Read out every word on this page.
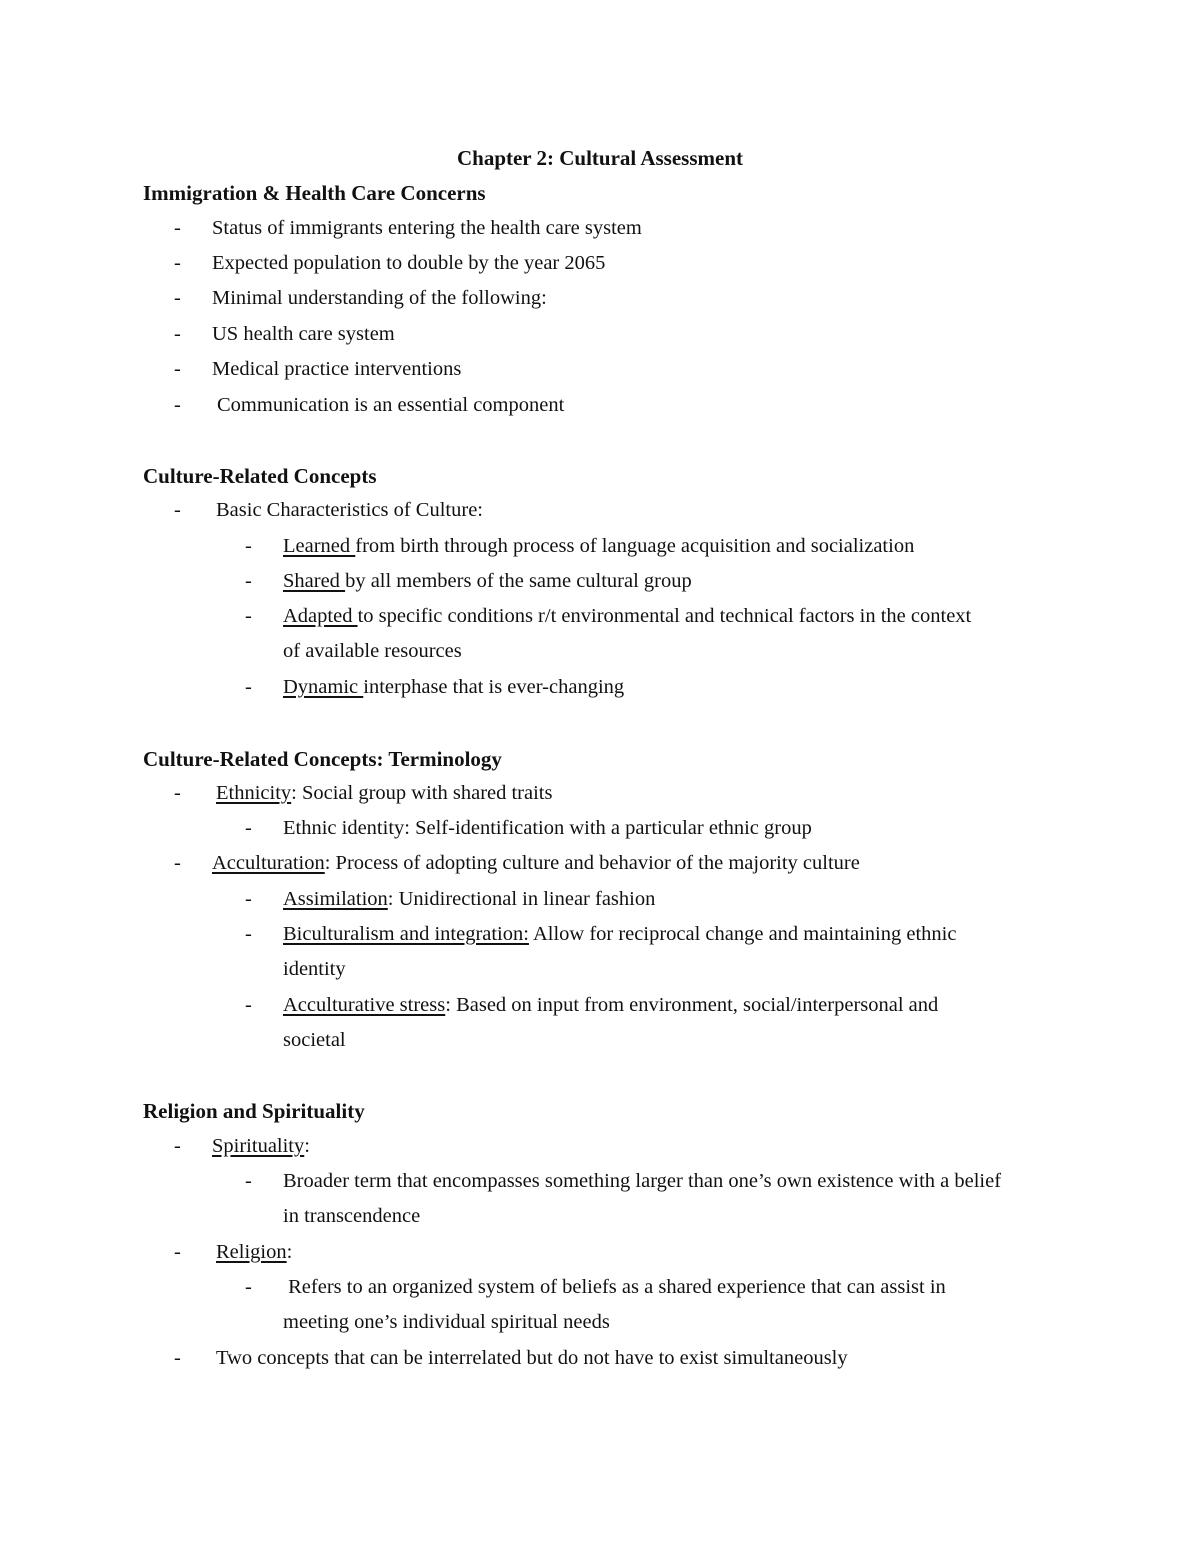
Chapter 2: Cultural Assessment
Immigration & Health Care Concerns
- Status of immigrants entering the health care system
- Expected population to double by the year 2065
- Minimal understanding of the following:
- US health care system
- Medical practice interventions
- Communication is an essential component
Culture-Related Concepts
- Basic Characteristics of Culture:
- Learned from birth through process of language acquisition and socialization
- Shared by all members of the same cultural group
- Adapted to specific conditions r/t environmental and technical factors in the context
of available resources
- Dynamic interphase that is ever-changing
Culture-Related Concepts: Terminology
- Ethnicity: Social group with shared traits
- Ethnic identity: Self-identification with a particular ethnic group
- Acculturation: Process of adopting culture and behavior of the majority culture
- Assimilation: Unidirectional in linear fashion
- Biculturalism and integration: Allow for reciprocal change and maintaining ethnic
identity
- Acculturative stress: Based on input from environment, social/interpersonal and
societal
Religion and Spirituality
- Spirituality:
- Broader term that encompasses something larger than one’s own existence with a belief
in transcendence
- Religion:
- Refers to an organized system of beliefs as a shared experience that can assist in
meeting one’s individual spiritual needs
- Two concepts that can be interrelated but do not have to exist simultaneously
